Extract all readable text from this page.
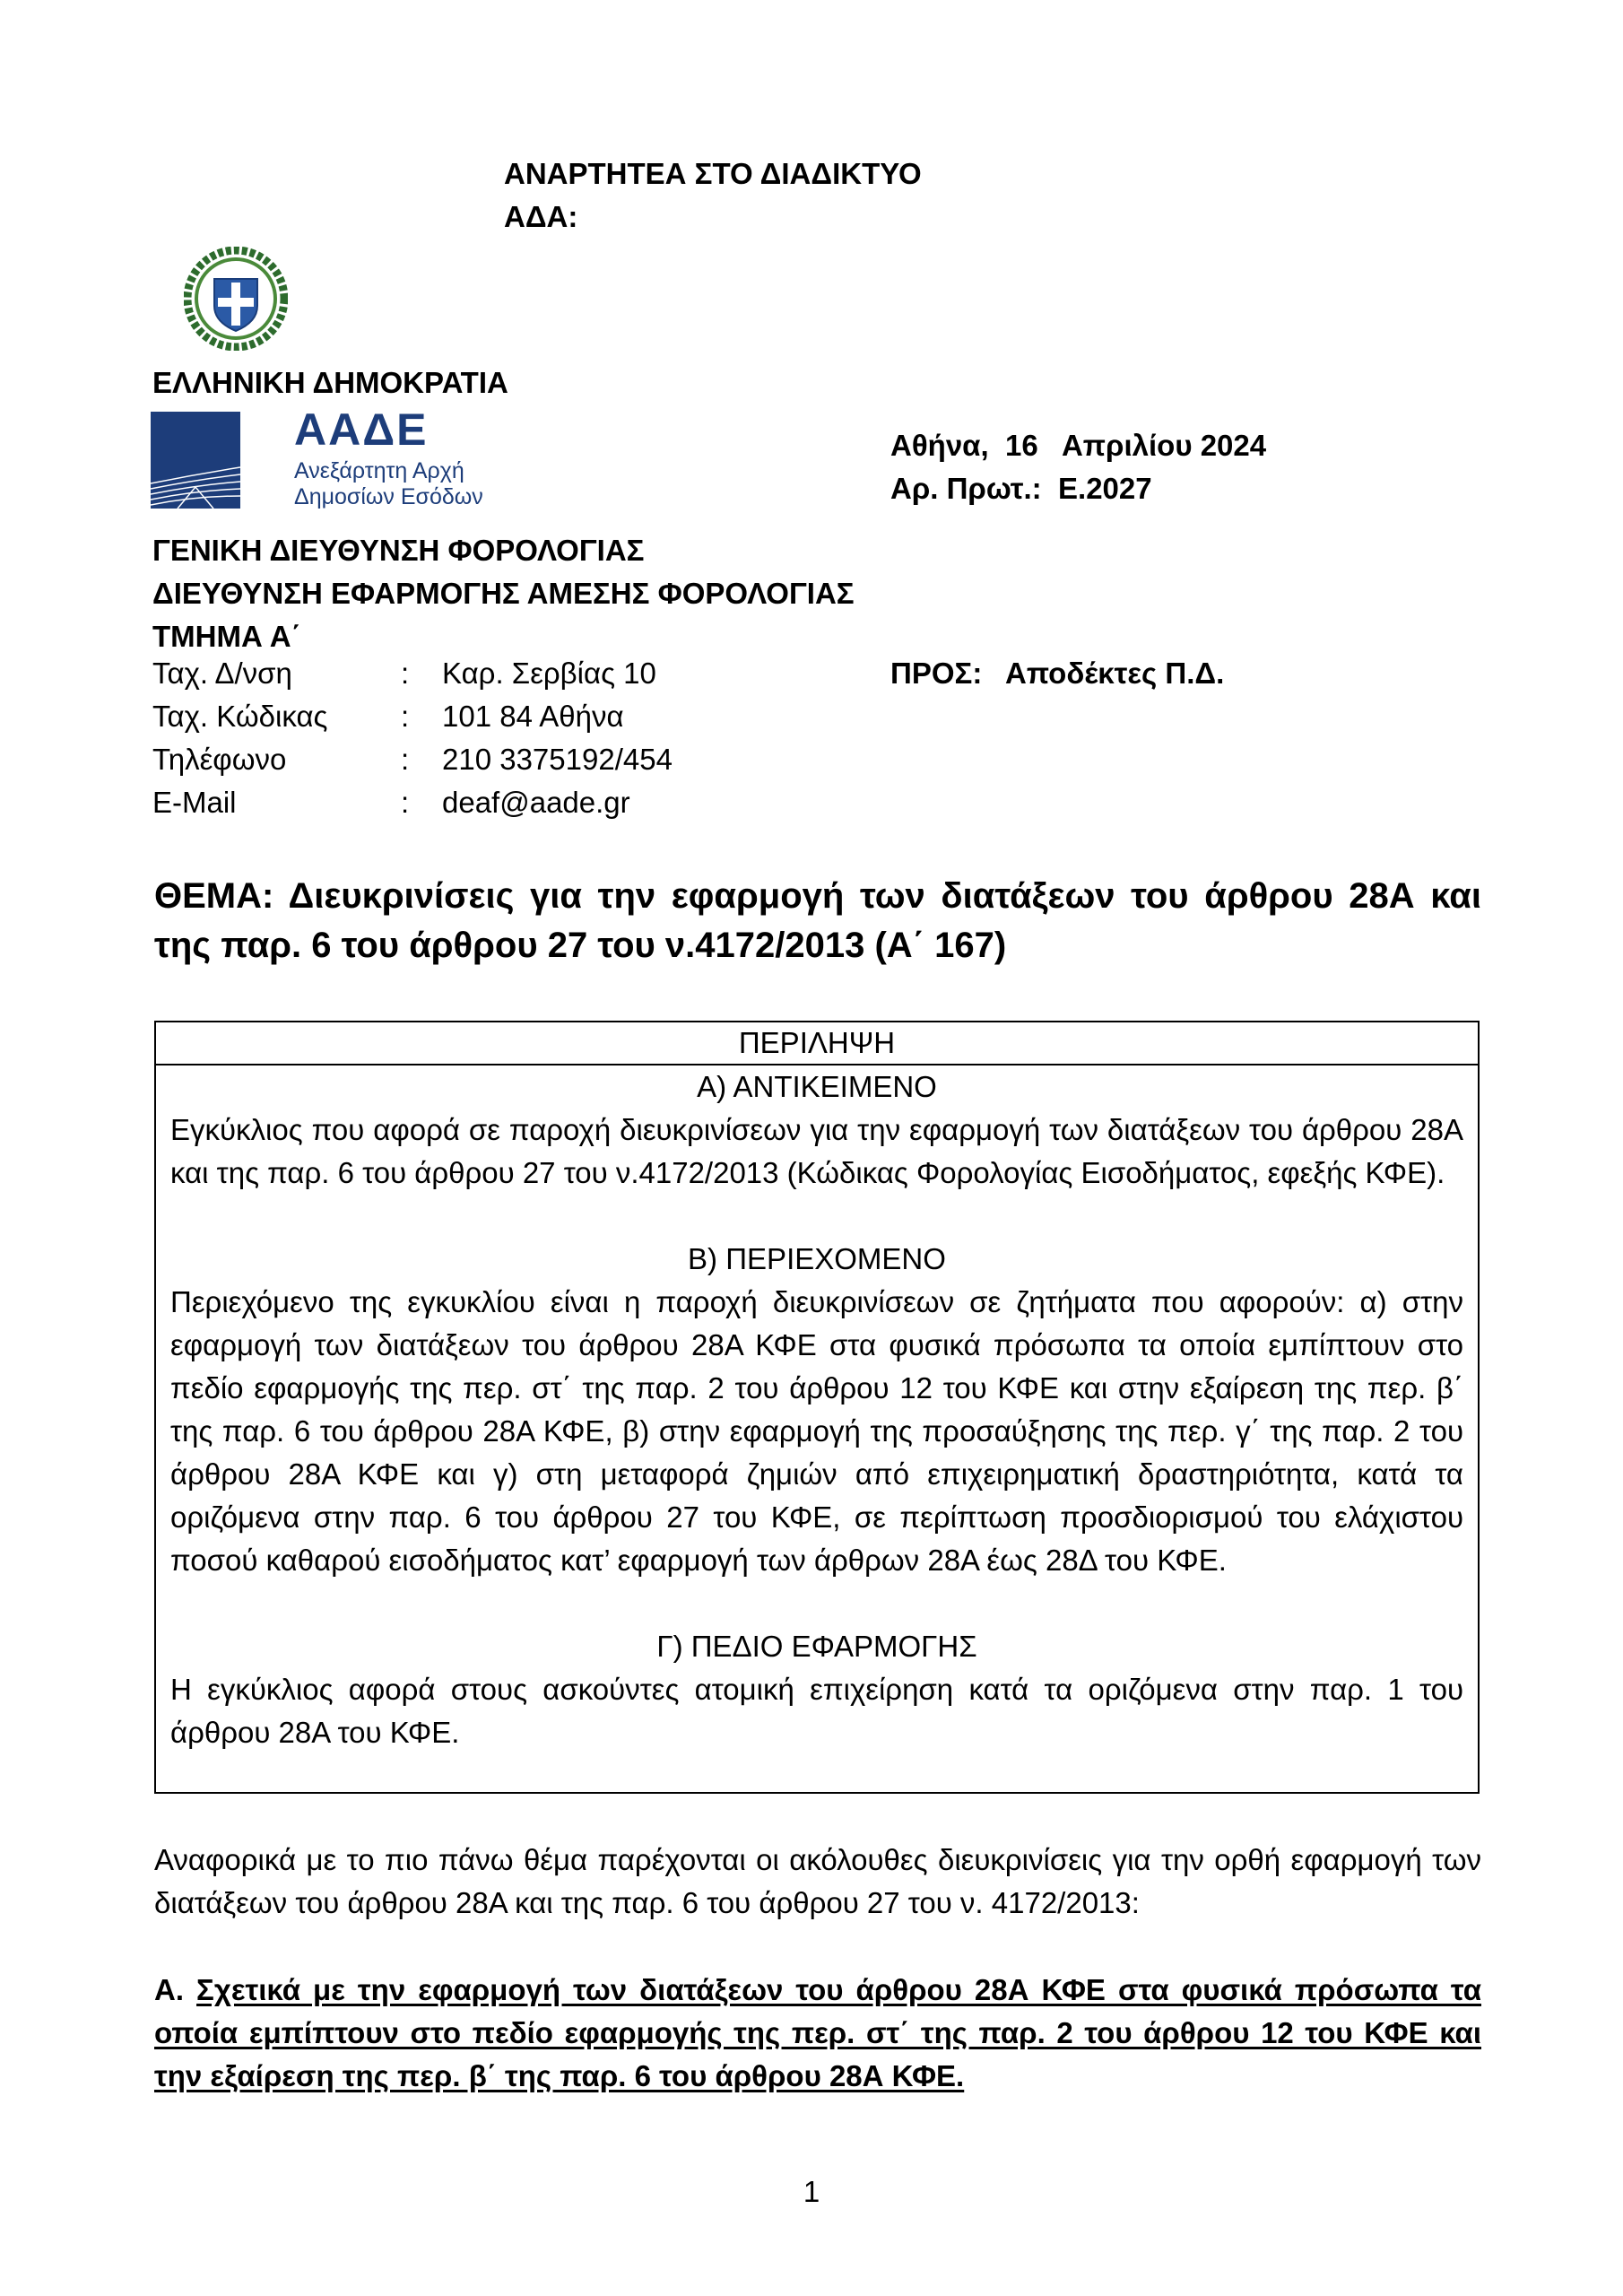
ΑΝΑΡΤΗΤΕΑ ΣΤΟ ΔΙΑΔΙΚΤΥΟ
ΑΔΑ:
ΕΛΛΗΝΙΚΗ ΔΗΜΟΚΡΑΤΙΑ
ΑΑΔΕ
Ανεξάρτητη Αρχή
Δημοσίων Εσόδων
Αθήνα,  16   Απριλίου 2024
Αρ. Πρωτ.:  Ε.2027
ΓΕΝΙΚΗ ΔΙΕΥΘΥΝΣΗ ΦΟΡΟΛΟΓΙΑΣ
ΔΙΕΥΘΥΝΣΗ ΕΦΑΡΜΟΓΗΣ ΑΜΕΣΗΣ ΦΟΡΟΛΟΓΙΑΣ
ΤΜΗΜΑ Α΄
Ταχ. Δ/νση	:	Καρ. Σερβίας 10
Ταχ. Κώδικας	:	101 84 Αθήνα
Τηλέφωνο	:	210 3375192/454
E-Mail	:	deaf@aade.gr
ΠΡΟΣ: Αποδέκτες Π.Δ.
ΘΕΜΑ: Διευκρινίσεις για την εφαρμογή των διατάξεων του άρθρου 28Α και της παρ. 6 του άρθρου 27 του ν.4172/2013 (Α΄ 167)
ΠΕΡΙΛΗΨΗ
Α) ΑΝΤΙΚΕΙΜΕΝΟ
Εγκύκλιος που αφορά σε παροχή διευκρινίσεων για την εφαρμογή των διατάξεων του άρθρου 28Α και της παρ. 6 του άρθρου 27 του ν.4172/2013 (Κώδικας Φορολογίας Εισοδήματος, εφεξής ΚΦΕ).
Β) ΠΕΡΙΕΧΟΜΕΝΟ
Περιεχόμενο της εγκυκλίου είναι η παροχή διευκρινίσεων σε ζητήματα που αφορούν: α) στην εφαρμογή των διατάξεων του άρθρου 28Α ΚΦΕ στα φυσικά πρόσωπα τα οποία εμπίπτουν στο πεδίο εφαρμογής της περ. στ΄ της παρ. 2 του άρθρου 12 του ΚΦΕ και στην εξαίρεση της περ. β΄ της παρ. 6 του άρθρου 28Α ΚΦΕ, β) στην εφαρμογή της προσαύξησης της περ. γ΄ της παρ. 2 του άρθρου 28Α ΚΦΕ και γ) στη μεταφορά ζημιών από επιχειρηματική δραστηριότητα, κατά τα οριζόμενα στην παρ. 6 του άρθρου 27 του ΚΦΕ, σε περίπτωση προσδιορισμού του ελάχιστου ποσού καθαρού εισοδήματος κατ’ εφαρμογή των άρθρων 28Α έως 28Δ του ΚΦΕ.
Γ) ΠΕΔΙΟ ΕΦΑΡΜΟΓΗΣ
Η εγκύκλιος αφορά στους ασκούντες ατομική επιχείρηση κατά τα οριζόμενα στην παρ. 1 του άρθρου 28Α του ΚΦΕ.
Αναφορικά με το πιο πάνω θέμα παρέχονται οι ακόλουθες διευκρινίσεις για την ορθή εφαρμογή των διατάξεων του άρθρου 28Α και της παρ. 6 του άρθρου 27 του ν. 4172/2013:
Α. Σχετικά με την εφαρμογή των διατάξεων του άρθρου 28Α ΚΦΕ στα φυσικά πρόσωπα τα οποία εμπίπτουν στο πεδίο εφαρμογής της περ. στ΄ της παρ. 2 του άρθρου 12 του ΚΦΕ και την εξαίρεση της περ. β΄ της παρ. 6 του άρθρου 28Α ΚΦΕ.
1
